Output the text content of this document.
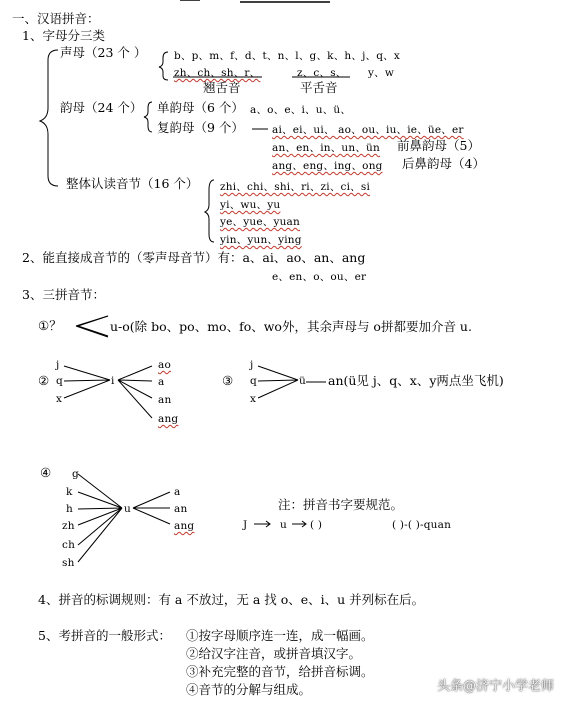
一、汉语拼音：
1、字母分三类
声母（23 个 ）	b、p、m、f、d、t、n、l、g、k、h、j、q、x
zh、ch、sh、r、	z、c、s、 y、w
翘舌音	平舌音
韵母（24 个） 单韵母（6 个） a、o、e、i、u、ü、
复韵母（9 个）	ai、ei、ui、 ao、ou、iu、ie、üe、er
an、en、in、un、ün 前鼻韵母（5）
ang、eng、ing、ong 后鼻韵母（4）
整体认读音节（16 个） zhi、chi、shi、ri、zi、ci、si
yi、wu、yu
ye、yue、yuan
yin、yun、ying
2、能直接成音节的（零声母音节）有：a、ai、ao、an、ang
e、en、o、ou、er
3、三拼音节：
①？	u-o(除 bo、po、mo、fo、wo外，其余声母与 o拼都要加介音 u.
②
j
q
x
i
ao
a
an
ang
③
j
q
x
ü an(ü见 j、q、x、y两点坐飞机)
④ g
k
h
zh
ch
sh
u
a
an
ang
注：拼音书字要规范。
J	u ( )	( )-( )-quan
4、拼音的标调规则：有 a 不放过，无 a 找 o、e、i、u 并列标在后。
5、考拼音的一般形式： ①按字母顺序连一连，成一幅画。
②给汉字注音，或拼音填汉字。
③补充完整的音节，给拼音标调。
④音节的分解与组成。	头条@济宁小学老师
